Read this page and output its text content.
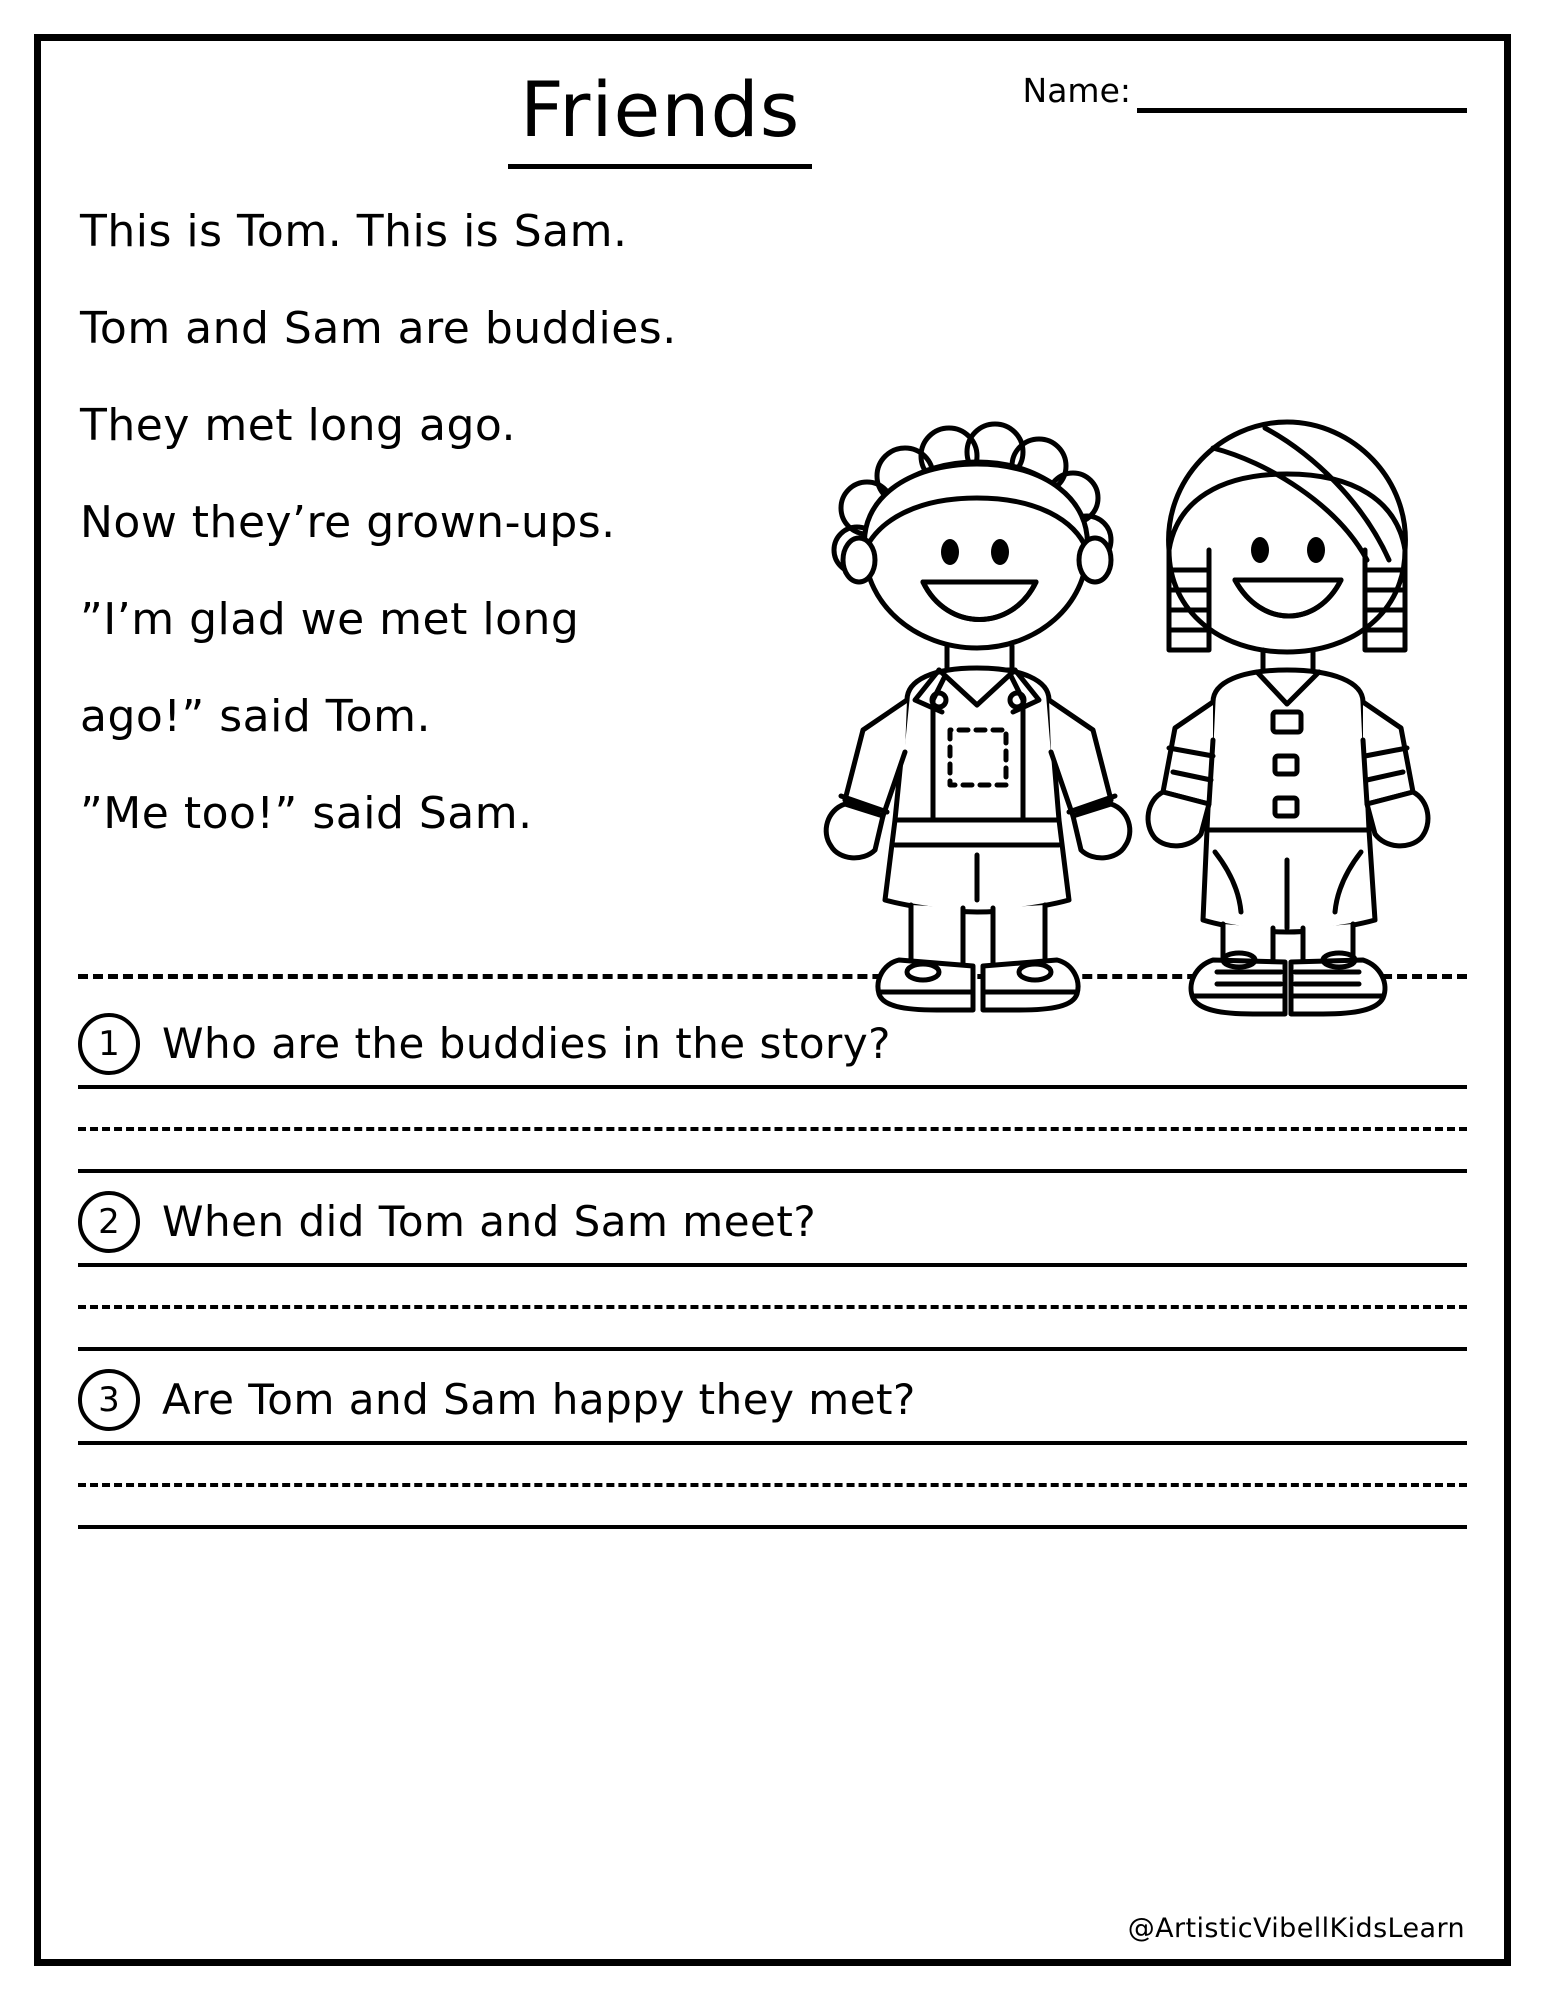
Friends	Name:

This is Tom. This is Sam.

Tom and Sam are buddies.

They met long ago.

Now they’re grown-ups.

”I’m glad we met long

ago!” said Tom.

”Me too!” said Sam.

1	Who are the buddies in the story?
2	When did Tom and Sam meet?
3	Are Tom and Sam happy they met?
@ArtisticVibellKidsLearn
